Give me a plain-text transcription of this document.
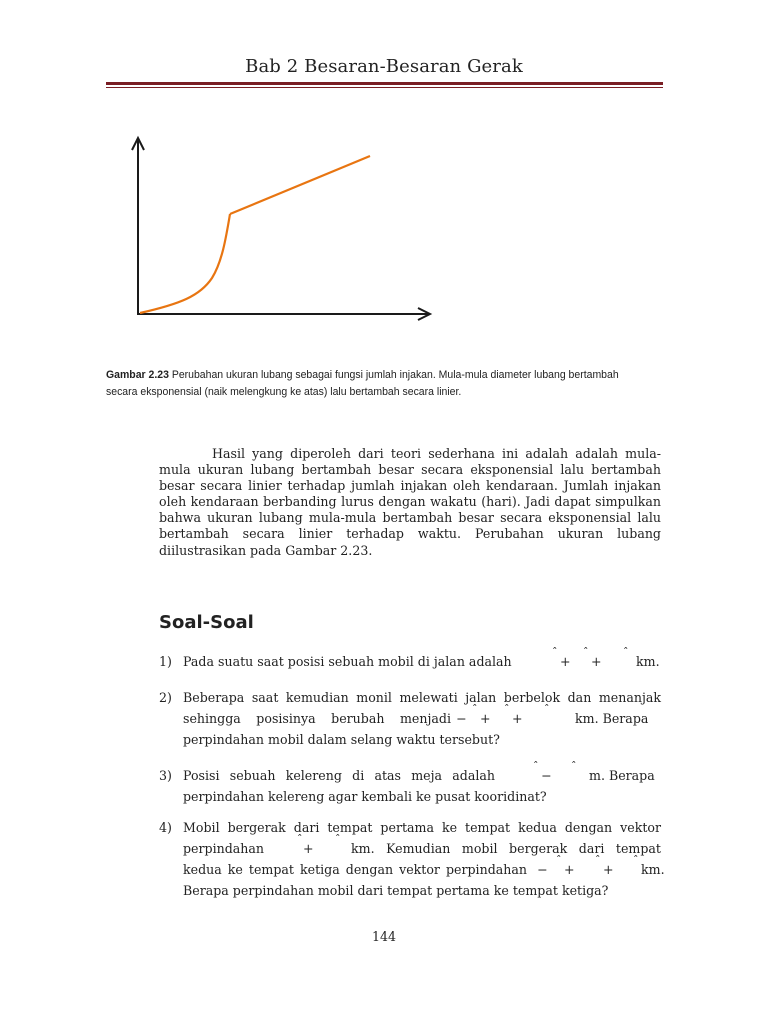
Bab 2 Besaran-Besaran Gerak
Gambar 2.23 Perubahan ukuran lubang sebagai fungsi jumlah injakan. Mula-mula diameter lubang bertambah secara eksponensial (naik melengkung ke atas) lalu bertambah secara linier.

Hasil yang diperoleh dari teori sederhana ini adalah adalah mula-mula ukuran lubang bertambah besar secara eksponensial lalu bertambah besar secara linier terhadap jumlah injakan oleh kendaraan. Jumlah injakan oleh kendaraan berbanding lurus dengan wakatu (hari). Jadi dapat simpulkan bahwa ukuran lubang mula-mula bertambah besar secara eksponensial lalu bertambah secara linier terhadap waktu. Perubahan ukuran lubang diilustrasikan pada Gambar 2.23.

Soal-Soal
1) Pada suatu saat posisi sebuah mobil di jalan adalah
ˆ
+
ˆ
+
ˆ
km.
2) Beberapa saat kemudian monil melewati jalan berbelok dan menanjak
sehingga posisinya berubah menjadi −
ˆ
+
ˆ
+
ˆ
km. Berapa
perpindahan mobil dalam selang waktu tersebut?
3) Posisi sebuah kelereng di atas meja adalah
ˆ
−
ˆ
m. Berapa
perpindahan kelereng agar kembali ke pusat kooridinat?
4) Mobil bergerak dari tempat pertama ke tempat kedua dengan vektor
perpindahan
ˆ
+
ˆ
km. Kemudian mobil bergerak dari tempat
kedua ke tempat ketiga dengan vektor perpindahan −
ˆ
+
ˆ
+
ˆ
km.
Berapa perpindahan mobil dari tempat pertama ke tempat ketiga?
144
